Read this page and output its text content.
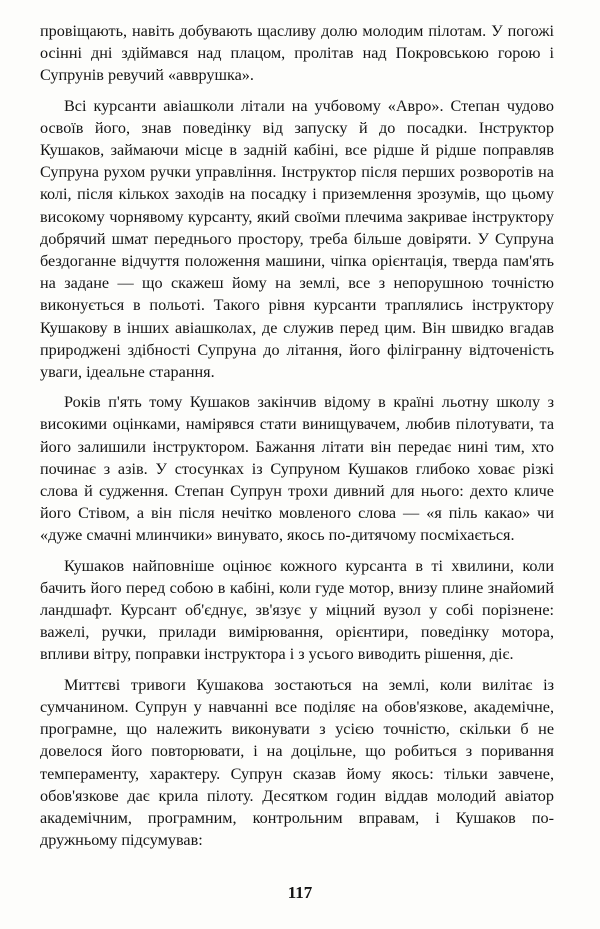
провіщають, навіть добувають щасливу долю молодим пілотам. У погожі осінні дні здіймався над плацом, пролітав над Покровською горою і Супрунів ревучий «авврушка».

Всі курсанти авіашколи літали на учбовому «Авро». Степан чудово освоїв його, знав поведінку від запуску й до посадки. Інструктор Кушаков, займаючи місце в задній кабіні, все рідше й рідше поправляв Супруна рухом ручки управління. Інструктор після перших розворотів на колі, після кількох заходів на посадку і приземлення зрозумів, що цьому високому чорнявому курсанту, який своїми плечима закривае інструктору добрячий шмат переднього простору, треба більше довіряти. У Супруна бездоганне відчуття положення машини, чіпка орієнтація, тверда пам'ять на задане — що скажеш йому на землі, все з непорушною точністю виконується в польоті. Такого рівня курсанти траплялись інструктору Кушакову в інших авіашколах, де служив перед цим. Він швидко вгадав природжені здібності Супруна до літання, його філігранну відточеність уваги, ідеальне старання.

Років п'ять тому Кушаков закінчив відому в країні льотну школу з високими оцінками, намірявся стати винищувачем, любив пілотувати, та його залишили інструктором. Бажання літати він передає нині тим, хто починає з азів. У стосунках із Супруном Кушаков глибоко ховає різкі слова й судження. Степан Супрун трохи дивний для нього: дехто кличе його Стівом, а він після нечітко мовленого слова — «я піль какао» чи «дуже смачні млинчики» винувато, якось по-дитячому посміхається.

Кушаков найповніше оцінює кожного курсанта в ті хвилини, коли бачить його перед собою в кабіні, коли гуде мотор, внизу плине знайомий ландшафт. Курсант об'єднує, зв'язує у міцний вузол у собі порізнене: важелі, ручки, прилади вимірювання, орієнтири, поведінку мотора, впливи вітру, поправки інструктора і з усього виводить рішення, діє.

Миттєві тривоги Кушакова зостаються на землі, коли вилітає із сумчанином. Супрун у навчанні все поділяє на обов'язкове, академічне, програмне, що належить виконувати з усією точністю, скільки б не довелося його повторювати, і на доцільне, що робиться з поривання темпераменту, характеру. Супрун сказав йому якось: тільки завчене, обов'язкове дає крила пілоту. Десятком годин віддав молодий авіатор академічним, програмним, контрольним вправам, і Кушаков по-дружньому підсумував:

117
